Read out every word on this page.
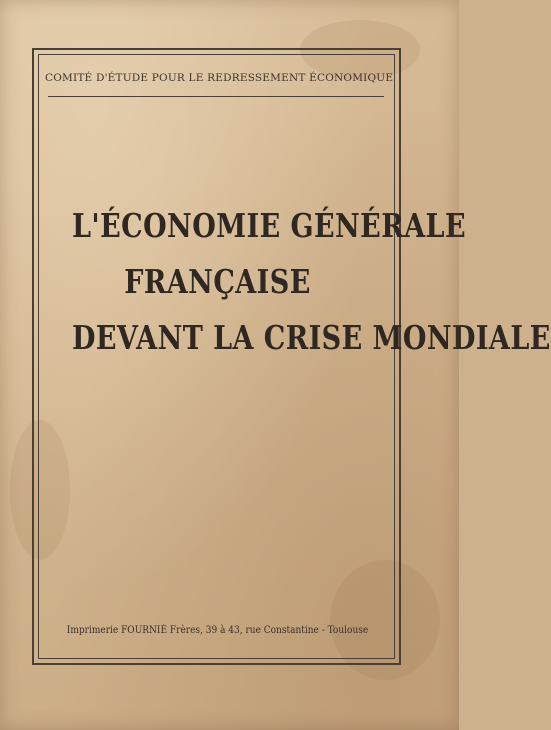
COMITÉ D'ÉTUDE POUR LE REDRESSEMENT ÉCONOMIQUE
L'ÉCONOMIE GÉNÉRALE
FRANÇAISE
DEVANT LA CRISE MONDIALE
Imprimerie FOURNIÉ Frères, 39 à 43, rue Constantine - Toulouse
